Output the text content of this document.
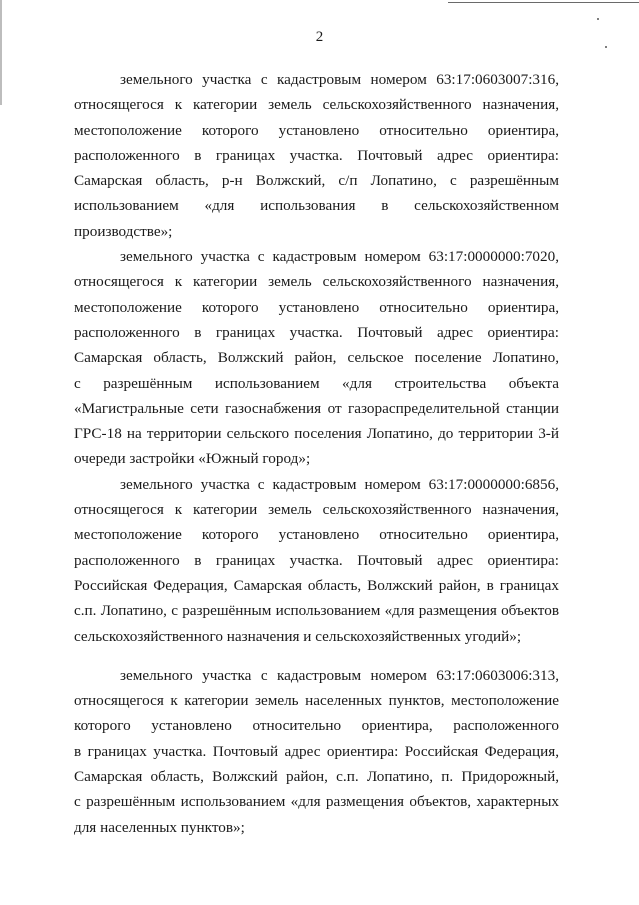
2

земельного участка с кадастровым номером 63:17:0603007:316,
относящегося к категории земель сельскохозяйственного назначения,
местоположение которого установлено относительно ориентира,
расположенного в границах участка. Почтовый адрес ориентира:
Самарская область, р-н Волжский, с/п Лопатино, с разрешённым
использованием «для использования в сельскохозяйственном
производстве»;

земельного участка с кадастровым номером 63:17:0000000:7020,
относящегося к категории земель сельскохозяйственного назначения,
местоположение которого установлено относительно ориентира,
расположенного в границах участка. Почтовый адрес ориентира:
Самарская область, Волжский район, сельское поселение Лопатино,
с разрешённым использованием «для строительства объекта
«Магистральные сети газоснабжения от газораспределительной станции
ГРС-18 на территории сельского поселения Лопатино, до территории 3-й
очереди застройки «Южный город»;

земельного участка с кадастровым номером 63:17:0000000:6856,
относящегося к категории земель сельскохозяйственного назначения,
местоположение которого установлено относительно ориентира,
расположенного в границах участка. Почтовый адрес ориентира:
Российская Федерация, Самарская область, Волжский район, в границах
с.п. Лопатино, с разрешённым использованием «для размещения объектов
сельскохозяйственного назначения и сельскохозяйственных угодий»;

земельного участка с кадастровым номером 63:17:0603006:313,
относящегося к категории земель населенных пунктов, местоположение
которого установлено относительно ориентира, расположенного
в границах участка. Почтовый адрес ориентира: Российская Федерация,
Самарская область, Волжский район, с.п. Лопатино, п. Придорожный,
с разрешённым использованием «для размещения объектов, характерных
для населенных пунктов»;
